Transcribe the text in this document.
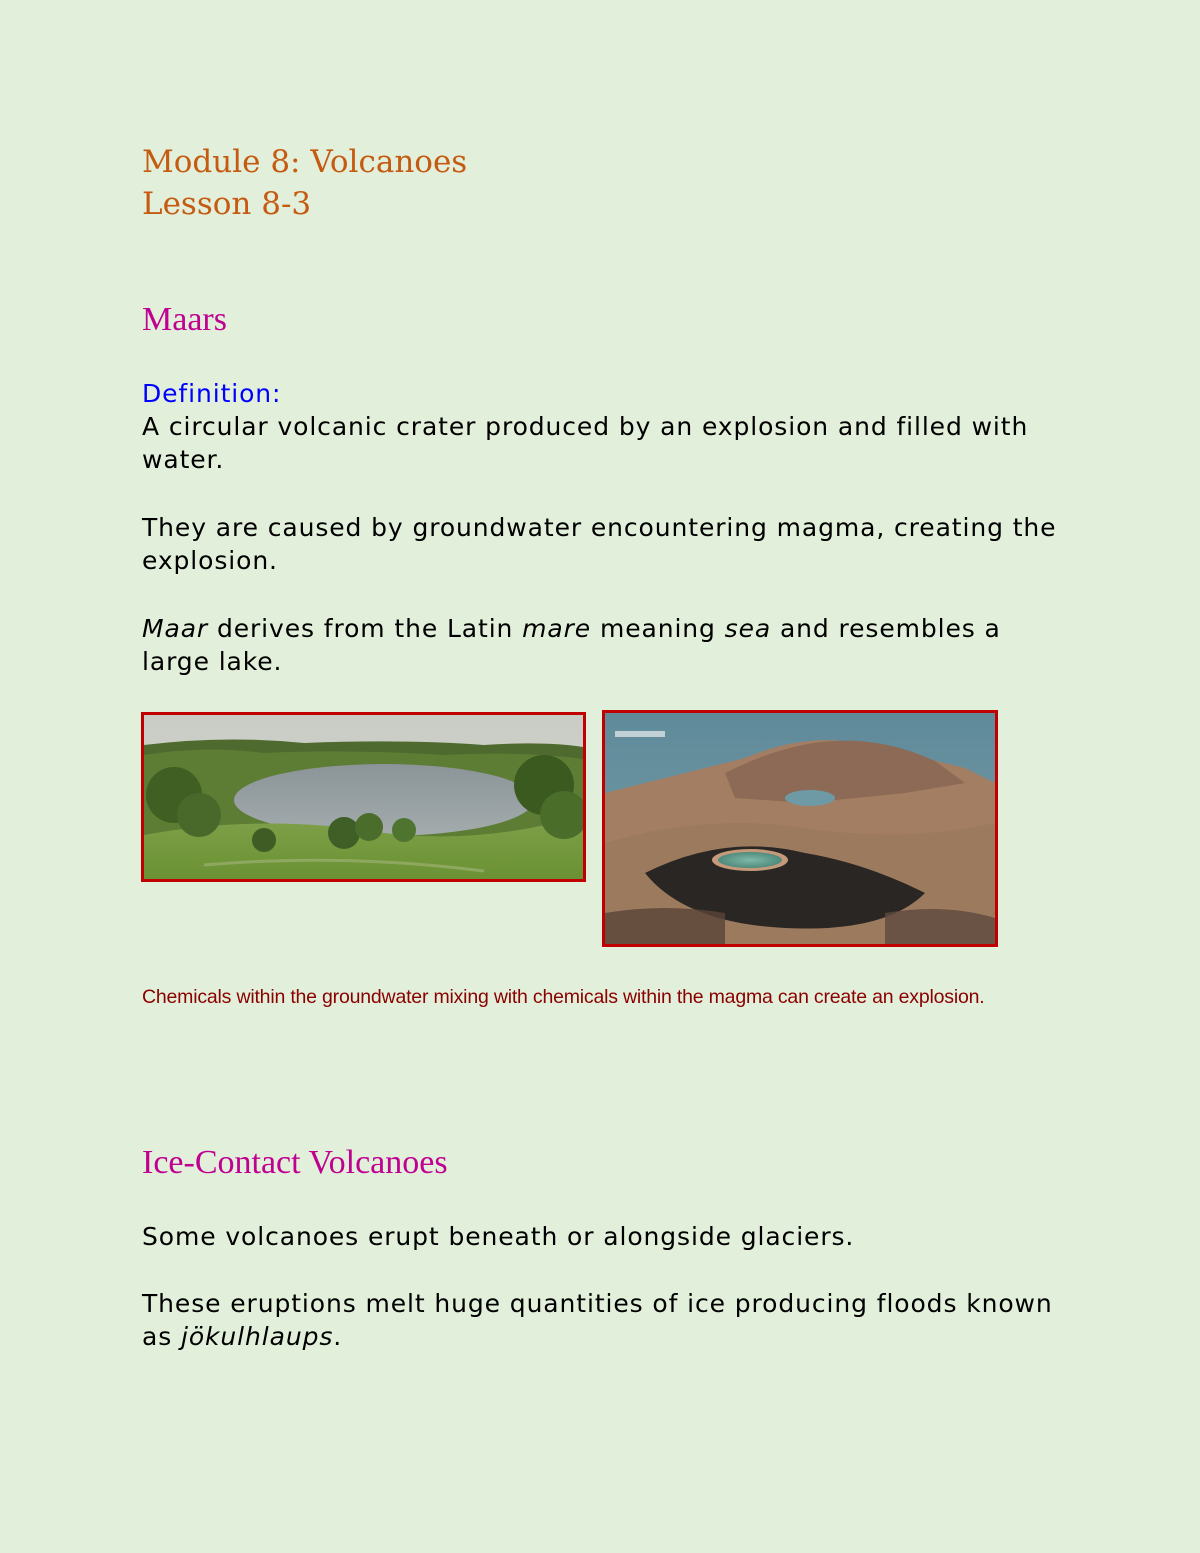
Module 8: Volcanoes
Lesson 8-3
Maars

Definition:
A circular volcanic crater produced by an explosion and filled with water.

They are caused by groundwater encountering magma, creating the explosion.

Maar derives from the Latin mare meaning sea and resembles a large lake.

Chemicals within the groundwater mixing with chemicals within the magma can create an explosion.

Ice-Contact Volcanoes

Some volcanoes erupt beneath or alongside glaciers.

These eruptions melt huge quantities of ice producing floods known as jökulhlaups.
